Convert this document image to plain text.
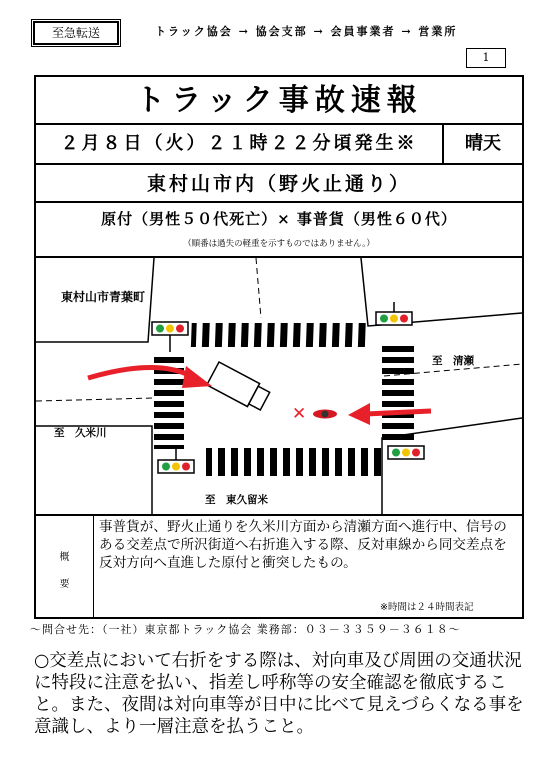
至急転送	トラック協会 → 協会支部 → 会員事業者 → 営業所
1
トラック事故速報
２月８日（火）２１時２２分頃発生※	晴天
東村山市内（野火止通り）
原付（男性５０代死亡）× 事普貨（男性６０代）
（順番は過失の軽重を示すものではありません。）
✕
東村山市青葉町
至　清瀬
至　久米川
至　東久留米
概
要
事普貨が、野火止通りを久米川方面から清瀬方面へ進行中、信号のある交差点で所沢街道へ右折進入する際、反対車線から同交差点を反対方向へ直進した原付と衝突したもの。
※時間は２４時間表記
～問合せ先：（一社）東京都トラック協会 業務部：０３－３３５９－３６１８～
○交差点において右折をする際は、対向車及び周囲の交通状況に特段に注意を払い、指差し呼称等の安全確認を徹底すること。また、夜間は対向車等が日中に比べて見えづらくなる事を意識し、より一層注意を払うこと。
